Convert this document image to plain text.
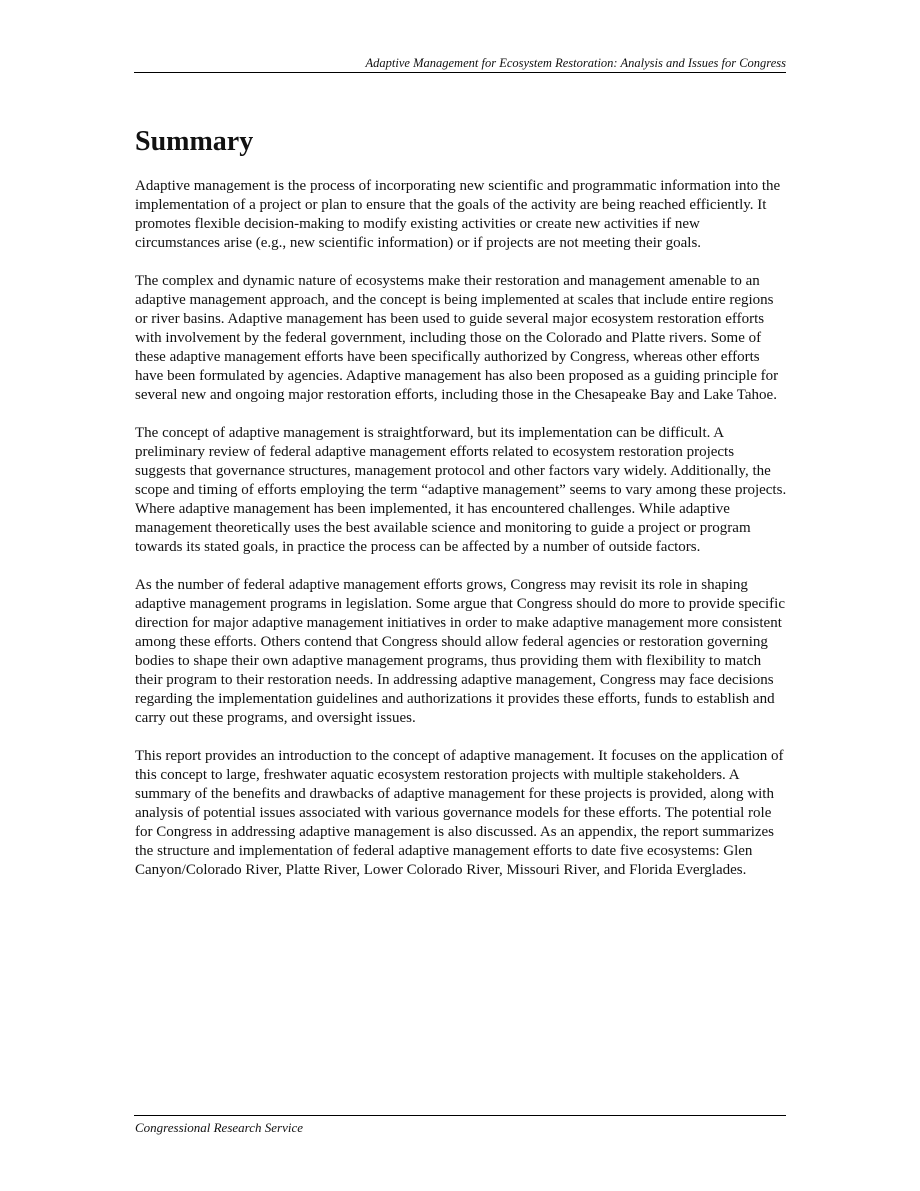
Adaptive Management for Ecosystem Restoration: Analysis and Issues for Congress
Summary

Adaptive management is the process of incorporating new scientific and programmatic information into the implementation of a project or plan to ensure that the goals of the activity are being reached efficiently. It promotes flexible decision-making to modify existing activities or create new activities if new circumstances arise (e.g., new scientific information) or if projects are not meeting their goals.

The complex and dynamic nature of ecosystems make their restoration and management amenable to an adaptive management approach, and the concept is being implemented at scales that include entire regions or river basins. Adaptive management has been used to guide several major ecosystem restoration efforts with involvement by the federal government, including those on the Colorado and Platte rivers. Some of these adaptive management efforts have been specifically authorized by Congress, whereas other efforts have been formulated by agencies. Adaptive management has also been proposed as a guiding principle for several new and ongoing major restoration efforts, including those in the Chesapeake Bay and Lake Tahoe.

The concept of adaptive management is straightforward, but its implementation can be difficult. A preliminary review of federal adaptive management efforts related to ecosystem restoration projects suggests that governance structures, management protocol and other factors vary widely. Additionally, the scope and timing of efforts employing the term “adaptive management” seems to vary among these projects. Where adaptive management has been implemented, it has encountered challenges. While adaptive management theoretically uses the best available science and monitoring to guide a project or program towards its stated goals, in practice the process can be affected by a number of outside factors.

As the number of federal adaptive management efforts grows, Congress may revisit its role in shaping adaptive management programs in legislation. Some argue that Congress should do more to provide specific direction for major adaptive management initiatives in order to make adaptive management more consistent among these efforts. Others contend that Congress should allow federal agencies or restoration governing bodies to shape their own adaptive management programs, thus providing them with flexibility to match their program to their restoration needs. In addressing adaptive management, Congress may face decisions regarding the implementation guidelines and authorizations it provides these efforts, funds to establish and carry out these programs, and oversight issues.

This report provides an introduction to the concept of adaptive management. It focuses on the application of this concept to large, freshwater aquatic ecosystem restoration projects with multiple stakeholders. A summary of the benefits and drawbacks of adaptive management for these projects is provided, along with analysis of potential issues associated with various governance models for these efforts. The potential role for Congress in addressing adaptive management is also discussed. As an appendix, the report summarizes the structure and implementation of federal adaptive management efforts to date five ecosystems: Glen Canyon/Colorado River, Platte River, Lower Colorado River, Missouri River, and Florida Everglades.

Congressional Research Service
